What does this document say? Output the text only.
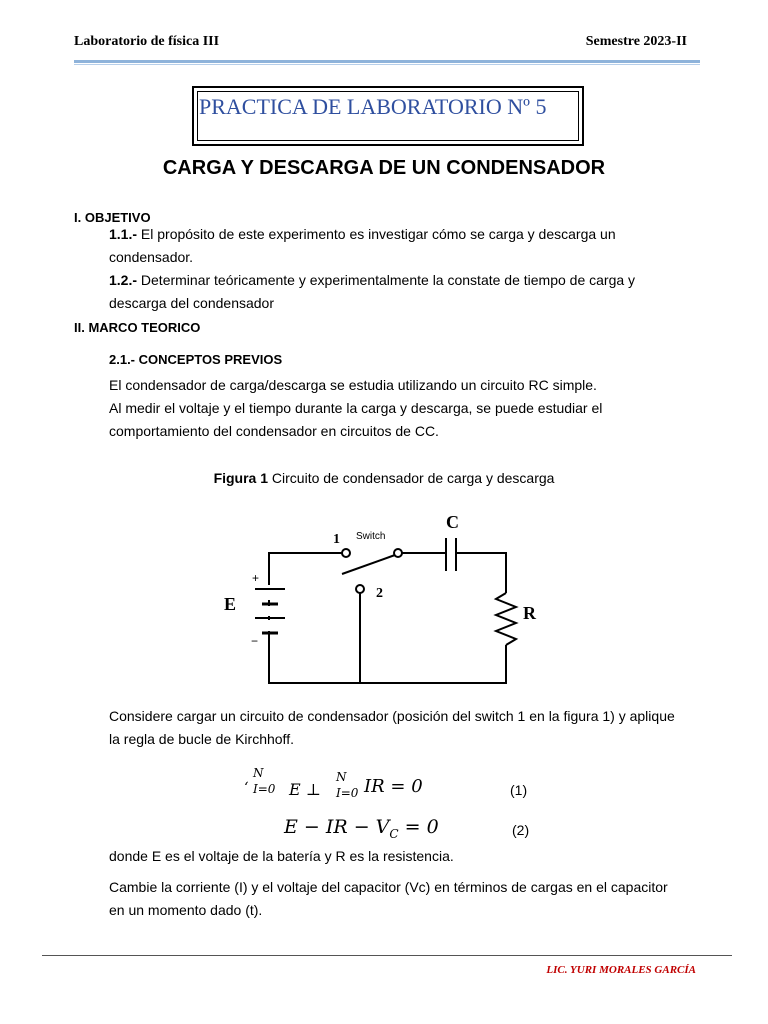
Laboratorio de física III	Semestre 2023-II
PRACTICA DE LABORATORIO Nº 5
CARGA Y DESCARGA DE UN CONDENSADOR
I. OBJETIVO
1.1.- El propósito de este experimento es investigar cómo se carga y descarga un
condensador.
1.2.- Determinar teóricamente y experimentalmente la constate de tiempo de carga y
descarga del condensador
II. MARCO TEORICO
2.1.- CONCEPTOS PREVIOS
El condensador de carga/descarga se estudia utilizando un circuito RC simple.
Al medir el voltaje y el tiempo durante la carga y descarga, se puede estudiar el
comportamiento del condensador en circuitos de CC.
Figura 1 Circuito de condensador de carga y descarga
+
−
Switch
1
2
C
E	R
Considere cargar un circuito de condensador (posición del switch 1 en la figura 1) y aplique
la regla de bucle de Kirchhoff.
ʻ
N
I=0 E ⊥
N
I=0 IR = 0	(1)
E − IR − $V_C = 0$	(2)
donde E es el voltaje de la batería y R es la resistencia.
Cambie la corriente (I) y el voltaje del capacitor (Vc) en términos de cargas en el capacitor
en un momento dado (t).
LIC. YURI MORALES GARCÍA
